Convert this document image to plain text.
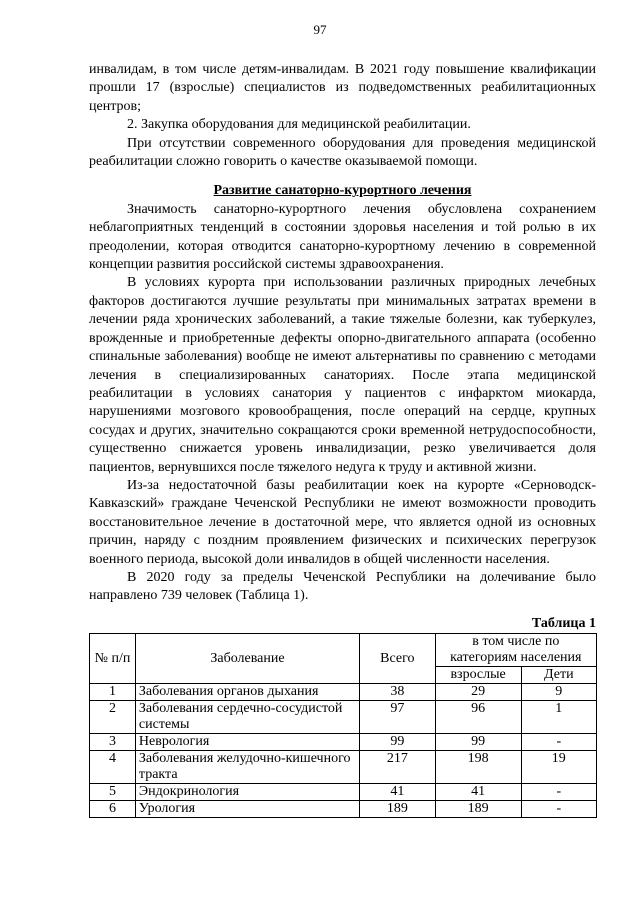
97

инвалидам, в том числе детям-инвалидам. В 2021 году повышение квалификации прошли 17 (взрослые) специалистов из подведомственных реабилитационных центров;

2. Закупка оборудования для медицинской реабилитации.

При отсутствии современного оборудования для проведения медицинской реабилитации сложно говорить о качестве оказываемой помощи.

Развитие санаторно-курортного лечения

Значимость санаторно-курортного лечения обусловлена сохранением неблагоприятных тенденций в состоянии здоровья населения и той ролью в их преодолении, которая отводится санаторно-курортному лечению в современной концепции развития российской системы здравоохранения.

В условиях курорта при использовании различных природных лечебных факторов достигаются лучшие результаты при минимальных затратах времени в лечении ряда хронических заболеваний, а такие тяжелые болезни, как туберкулез, врожденные и приобретенные дефекты опорно-двигательного аппарата (особенно спинальные заболевания) вообще не имеют альтернативы по сравнению с методами лечения в специализированных санаториях. После этапа медицинской реабилитации в условиях санатория у пациентов с инфарктом миокарда, нарушениями мозгового кровообращения, после операций на сердце, крупных сосудах и других, значительно сокращаются сроки временной нетрудоспособности, существенно снижается уровень инвалидизации, резко увеличивается доля пациентов, вернувшихся после тяжелого недуга к труду и активной жизни.

Из-за недостаточной базы реабилитации коек на курорте «Серноводск-Кавказский» граждане Чеченской Республики не имеют возможности проводить восстановительное лечение в достаточной мере, что является одной из основных причин, наряду с поздним проявлением физических и психических перегрузок военного периода, высокой доли инвалидов в общей численности населения.

В 2020 году за пределы Чеченской Республики на долечивание было направлено 739 человек (Таблица 1).

Таблица 1
№ п/п	Заболевание	Всего	в том числе по категориям населения	
			взрослые	Дети
1	Заболевания органов дыхания	38	29	9
2	Заболевания сердечно-сосудистой системы	97	96	1
3	Неврология	99	99	-
4	Заболевания желудочно-кишечного тракта	217	198	19
5	Эндокринология	41	41	-
6	Урология	189	189	-
